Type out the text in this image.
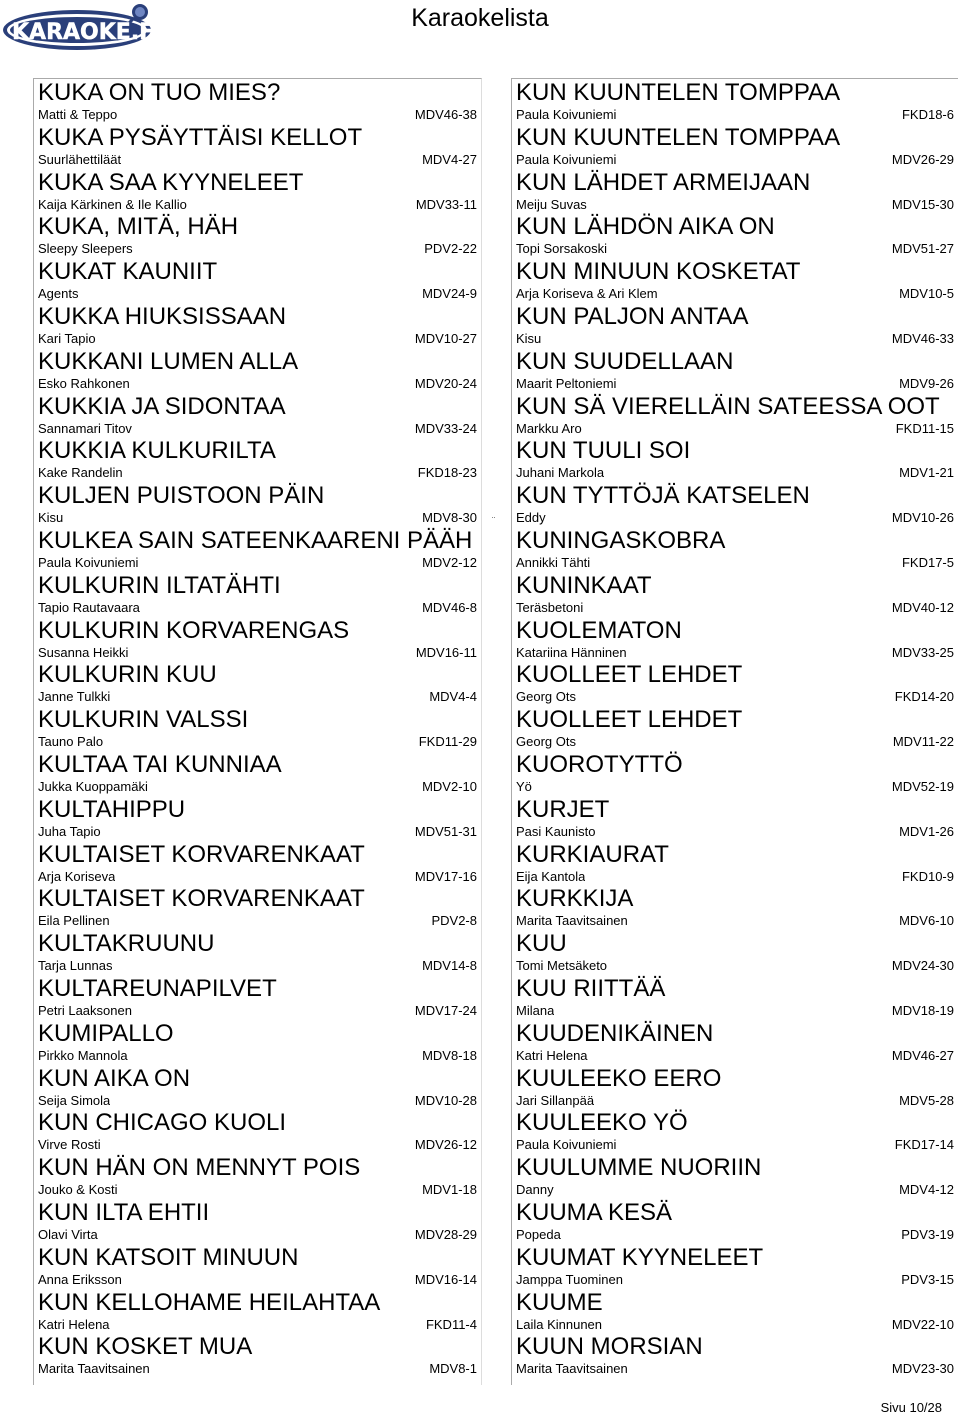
KARAOKE.FI
Karaokelista
KUKA ON TUO MIES?
Matti & Teppo	MDV46-38
KUKA PYSÄYTTÄISI KELLOT
Suurlähettiläät	MDV4-27
KUKA SAA KYYNELEET
Kaija Kärkinen & Ile Kallio	MDV33-11
KUKA, MITÄ, HÄH
Sleepy Sleepers	PDV2-22
KUKAT KAUNIIT
Agents	MDV24-9
KUKKA HIUKSISSAAN
Kari Tapio	MDV10-27
KUKKANI LUMEN ALLA
Esko Rahkonen	MDV20-24
KUKKIA JA SIDONTAA
Sannamari Titov	MDV33-24
KUKKIA KULKURILTA
Kake Randelin	FKD18-23
KULJEN PUISTOON PÄIN
Kisu	MDV8-30
KULKEA SAIN SATEENKAARENI PÄÄH
Paula Koivuniemi	MDV2-12
KULKURIN ILTATÄHTI
Tapio Rautavaara	MDV46-8
KULKURIN KORVARENGAS
Susanna Heikki	MDV16-11
KULKURIN KUU
Janne Tulkki	MDV4-4
KULKURIN VALSSI
Tauno Palo	FKD11-29
KULTAA TAI KUNNIAA
Jukka Kuoppamäki	MDV2-10
KULTAHIPPU
Juha Tapio	MDV51-31
KULTAISET KORVARENKAAT
Arja Koriseva	MDV17-16
KULTAISET KORVARENKAAT
Eila Pellinen	PDV2-8
KULTAKRUUNU
Tarja Lunnas	MDV14-8
KULTAREUNAPILVET
Petri Laaksonen	MDV17-24
KUMIPALLO
Pirkko Mannola	MDV8-18
KUN AIKA ON
Seija Simola	MDV10-28
KUN CHICAGO KUOLI
Virve Rosti	MDV26-12
KUN HÄN ON MENNYT POIS
Jouko & Kosti	MDV1-18
KUN ILTA EHTII
Olavi Virta	MDV28-29
KUN KATSOIT MINUUN
Anna Eriksson	MDV16-14
KUN KELLOHAME HEILAHTAA
Katri Helena	FKD11-4
KUN KOSKET MUA
Marita Taavitsainen	MDV8-1
KUN KUUNTELEN TOMPPAA
Paula Koivuniemi	FKD18-6
KUN KUUNTELEN TOMPPAA
Paula Koivuniemi	MDV26-29
KUN LÄHDET ARMEIJAAN
Meiju Suvas	MDV15-30
KUN LÄHDÖN AIKA ON
Topi Sorsakoski	MDV51-27
KUN MINUUN KOSKETAT
Arja Koriseva & Ari Klem	MDV10-5
KUN PALJON ANTAA
Kisu	MDV46-33
KUN SUUDELLAAN
Maarit Peltoniemi	MDV9-26
KUN SÄ VIERELLÄIN SATEESSA OOT
Markku Aro	FKD11-15
KUN TUULI SOI
Juhani Markola	MDV1-21
KUN TYTTÖJÄ KATSELEN
Eddy	MDV10-26
KUNINGASKOBRA
Annikki Tähti	FKD17-5
KUNINKAAT
Teräsbetoni	MDV40-12
KUOLEMATON
Katariina Hänninen	MDV33-25
KUOLLEET LEHDET
Georg Ots	FKD14-20
KUOLLEET LEHDET
Georg Ots	MDV11-22
KUOROTYTTÖ
Yö	MDV52-19
KURJET
Pasi Kaunisto	MDV1-26
KURKIAURAT
Eija Kantola	FKD10-9
KURKKIJA
Marita Taavitsainen	MDV6-10
KUU
Tomi Metsäketo	MDV24-30
KUU RIITTÄÄ
Milana	MDV18-19
KUUDENIKÄINEN
Katri Helena	MDV46-27
KUULEEKO EERO
Jari Sillanpää	MDV5-28
KUULEEKO YÖ
Paula Koivuniemi	FKD17-14
KUULUMME NUORIIN
Danny	MDV4-12
KUUMA KESÄ
Popeda	PDV3-19
KUUMAT KYYNELEET
Jamppa Tuominen	PDV3-15
KUUME
Laila Kinnunen	MDV22-10
KUUN MORSIAN
Marita Taavitsainen	MDV23-30
¨
Sivu 10/28
